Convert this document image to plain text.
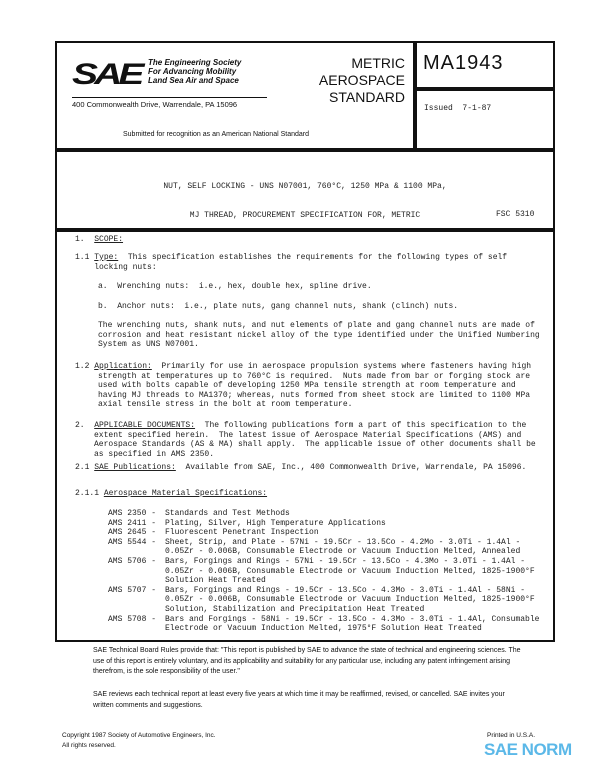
SAE The Engineering Society
For Advancing Mobility
Land Sea Air and Space
400 Commonwealth Drive, Warrendale, PA 15096
METRIC
AEROSPACE
STANDARD
Submitted for recognition as an American National Standard
MA1943
Issued 7-1-87

NUT, SELF LOCKING - UNS N07001, 760°C, 1250 MPa & 1100 MPa,

MJ THREAD, PROCUREMENT SPECIFICATION FOR, METRIC

	FSC 5310
1. SCOPE:
1.1 Type:  This specification establishes the requirements for the following types of self
locking nuts:
a.  Wrenching nuts:  i.e., hex, double hex, spline drive.
b.  Anchor nuts:  i.e., plate nuts, gang channel nuts, shank (clinch) nuts.
The wrenching nuts, shank nuts, and nut elements of plate and gang channel nuts are made of
corrosion and heat resistant nickel alloy of the type identified under the Unified Numbering
System as UNS N07001.
1.2 Application:  Primarily for use in aerospace propulsion systems where fasteners having high
strength at temperatures up to 760°C is required.  Nuts made from bar or forging stock are
used with bolts capable of developing 1250 MPa tensile strength at room temperature and
having MJ threads to MA1370; whereas, nuts formed from sheet stock are limited to 1100 MPa
axial tensile stress in the bolt at room temperature.
2. APPLICABLE DOCUMENTS:  The following publications form a part of this specification to the
extent specified herein.  The latest issue of Aerospace Material Specifications (AMS) and
Aerospace Standards (AS & MA) shall apply.  The applicable issue of other documents shall be
as specified in AMS 2350.
2.1 SAE Publications:  Available from SAE, Inc., 400 Commonwealth Drive, Warrendale, PA 15096.
2.1.1 Aerospace Material Specifications:
AMS 2350 -	Standards and Test Methods
AMS 2411 -	Plating, Silver, High Temperature Applications
AMS 2645 -	Fluorescent Penetrant Inspection
AMS 5544 -	Sheet, Strip, and Plate - 57Ni - 19.5Cr - 13.5Co - 4.2Mo - 3.0Ti - 1.4Al -
0.05Zr - 0.006B, Consumable Electrode or Vacuum Induction Melted, Annealed
AMS 5706 -	Bars, Forgings and Rings - 57Ni - 19.5Cr - 13.5Co - 4.3Mo - 3.0Ti - 1.4Al -
0.05Zr - 0.006B, Consumable Electrode or Vacuum Induction Melted, 1825-1900°F
Solution Heat Treated
AMS 5707 -	Bars, Forgings and Rings - 19.5Cr - 13.5Co - 4.3Mo - 3.0Ti - 1.4Al - 58Ni -
0.05Zr - 0.006B, Consumable Electrode or Vacuum Induction Melted, 1825-1900°F
Solution, Stabilization and Precipitation Heat Treated
AMS 5708 -	Bars and Forgings - 58Ni - 19.5Cr - 13.5Co - 4.3Mo - 3.0Ti - 1.4Al, Consumable
Electrode or Vacuum Induction Melted, 1975°F Solution Heat Treated
SAE Technical Board Rules provide that: "This report is published by SAE to advance the state of technical and engineering sciences. The use of this report is entirely voluntary, and its applicability and suitability for any particular use, including any patent infringement arising therefrom, is the sole responsibility of the user."
SAE reviews each technical report at least every five years at which time it may be reaffirmed, revised, or cancelled. SAE invites your written comments and suggestions.
Copyright 1987 Society of Automotive Engineers, Inc.
All rights reserved.
Printed in U.S.A.
SAE NORM
